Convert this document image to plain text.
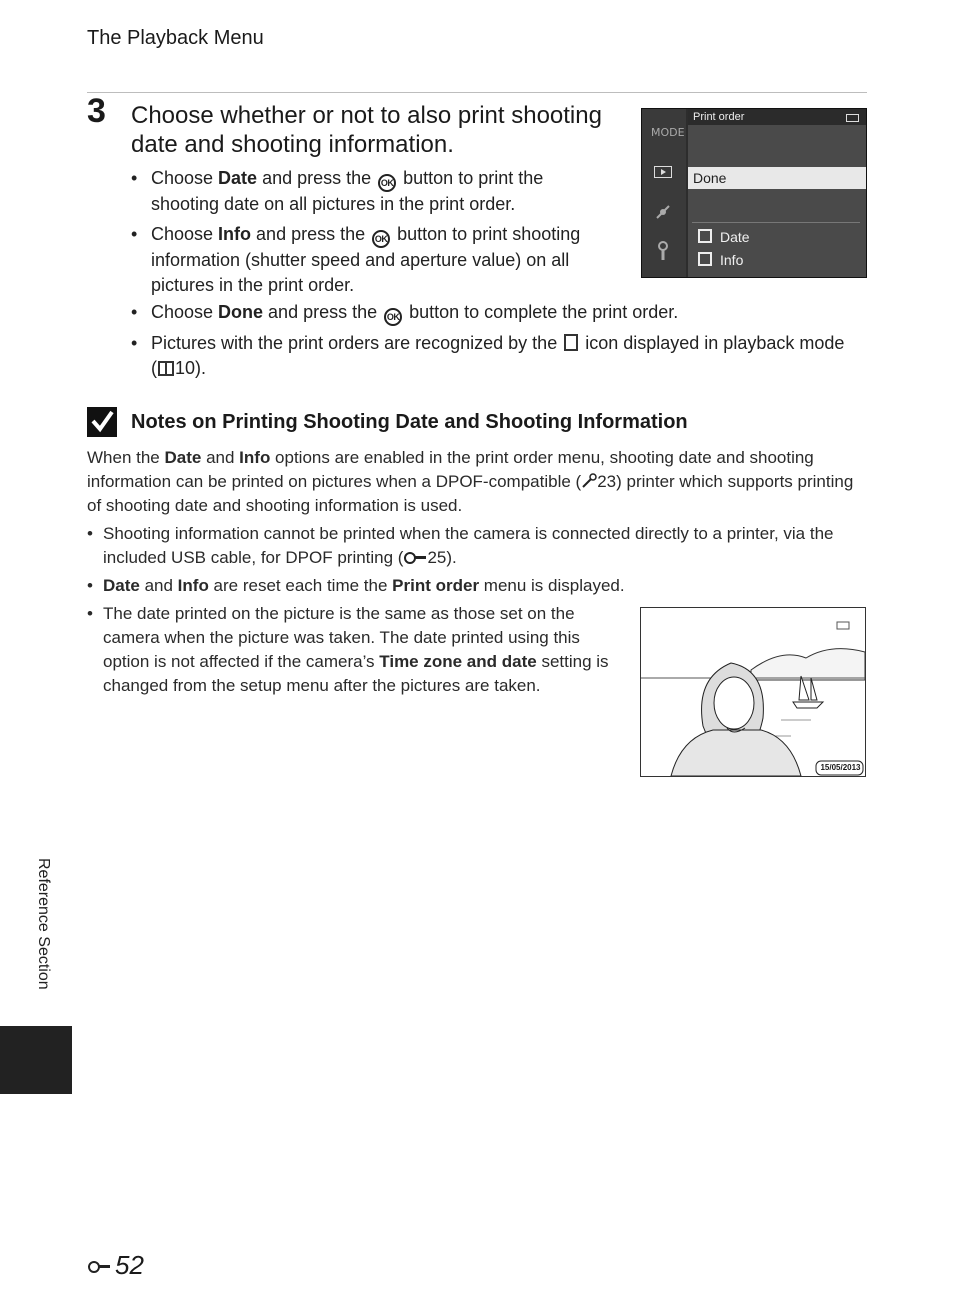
The Playback Menu
3 Choose whether or not to also print shooting date and shooting information.
• Choose Date and press the OK button to print the shooting date on all pictures in the print order.
• Choose Info and press the OK button to print shooting information (shutter speed and aperture value) on all pictures in the print order.
• Choose Done and press the OK button to complete the print order.
• Pictures with the print orders are recognized by the  icon displayed in playback mode ( 10).
MODE
Print order
Done
Date
Info
Notes on Printing Shooting Date and Shooting Information
When the Date and Info options are enabled in the print order menu, shooting date and shooting information can be printed on pictures when a DPOF-compatible ( 23) printer which supports printing of shooting date and shooting information is used.
• Shooting information cannot be printed when the camera is connected directly to a printer, via the included USB cable, for DPOF printing ( 25).
• Date and Info are reset each time the Print order menu is displayed.
• The date printed on the picture is the same as those set on the camera when the picture was taken. The date printed using this option is not affected if the camera’s Time zone and date setting is changed from the setup menu after the pictures are taken.
15/05/2013
Reference Section
52
